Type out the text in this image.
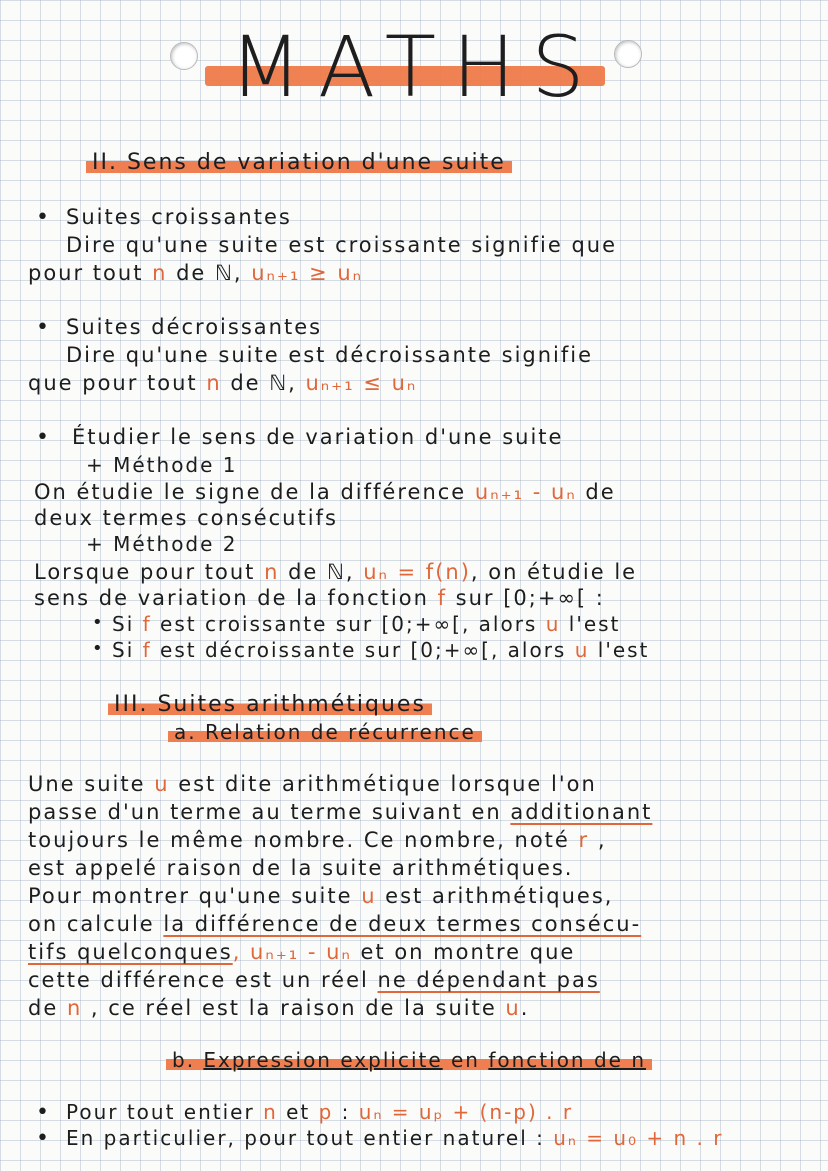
MATHS
II. Sens de variation d'une suite
• Suites croissantes
Dire qu'une suite est croissante signifie que
pour tout n de ℕ, uₙ₊₁ ≥ uₙ
• Suites décroissantes
Dire qu'une suite est décroissante signifie
que pour tout n de ℕ, uₙ₊₁ ≤ uₙ
• Étudier le sens de variation d'une suite
+ Méthode 1
On étudie le signe de la différence uₙ₊₁ - uₙ de
deux termes consécutifs
+ Méthode 2
Lorsque pour tout n de ℕ, uₙ = f(n), on étudie le
sens de variation de la fonction f sur [0;+∞[ :
• Si f est croissante sur [0;+∞[, alors u l'est
• Si f est décroissante sur [0;+∞[, alors u l'est
III. Suites arithmétiques
a. Relation de récurrence
Une suite u est dite arithmétique lorsque l'on
passe d'un terme au terme suivant en additionant
toujours le même nombre. Ce nombre, noté r ,
est appelé raison de la suite arithmétiques.
Pour montrer qu'une suite u est arithmétiques,
on calcule la différence de deux termes consécu-
tifs quelconques, uₙ₊₁ - uₙ et on montre que
cette différence est un réel ne dépendant pas
de n , ce réel est la raison de la suite u.
b. Expression explicite en fonction de n
• Pour tout entier n et p : uₙ = uₚ + (n-p) . r
• En particulier, pour tout entier naturel : uₙ = u₀ + n . r
